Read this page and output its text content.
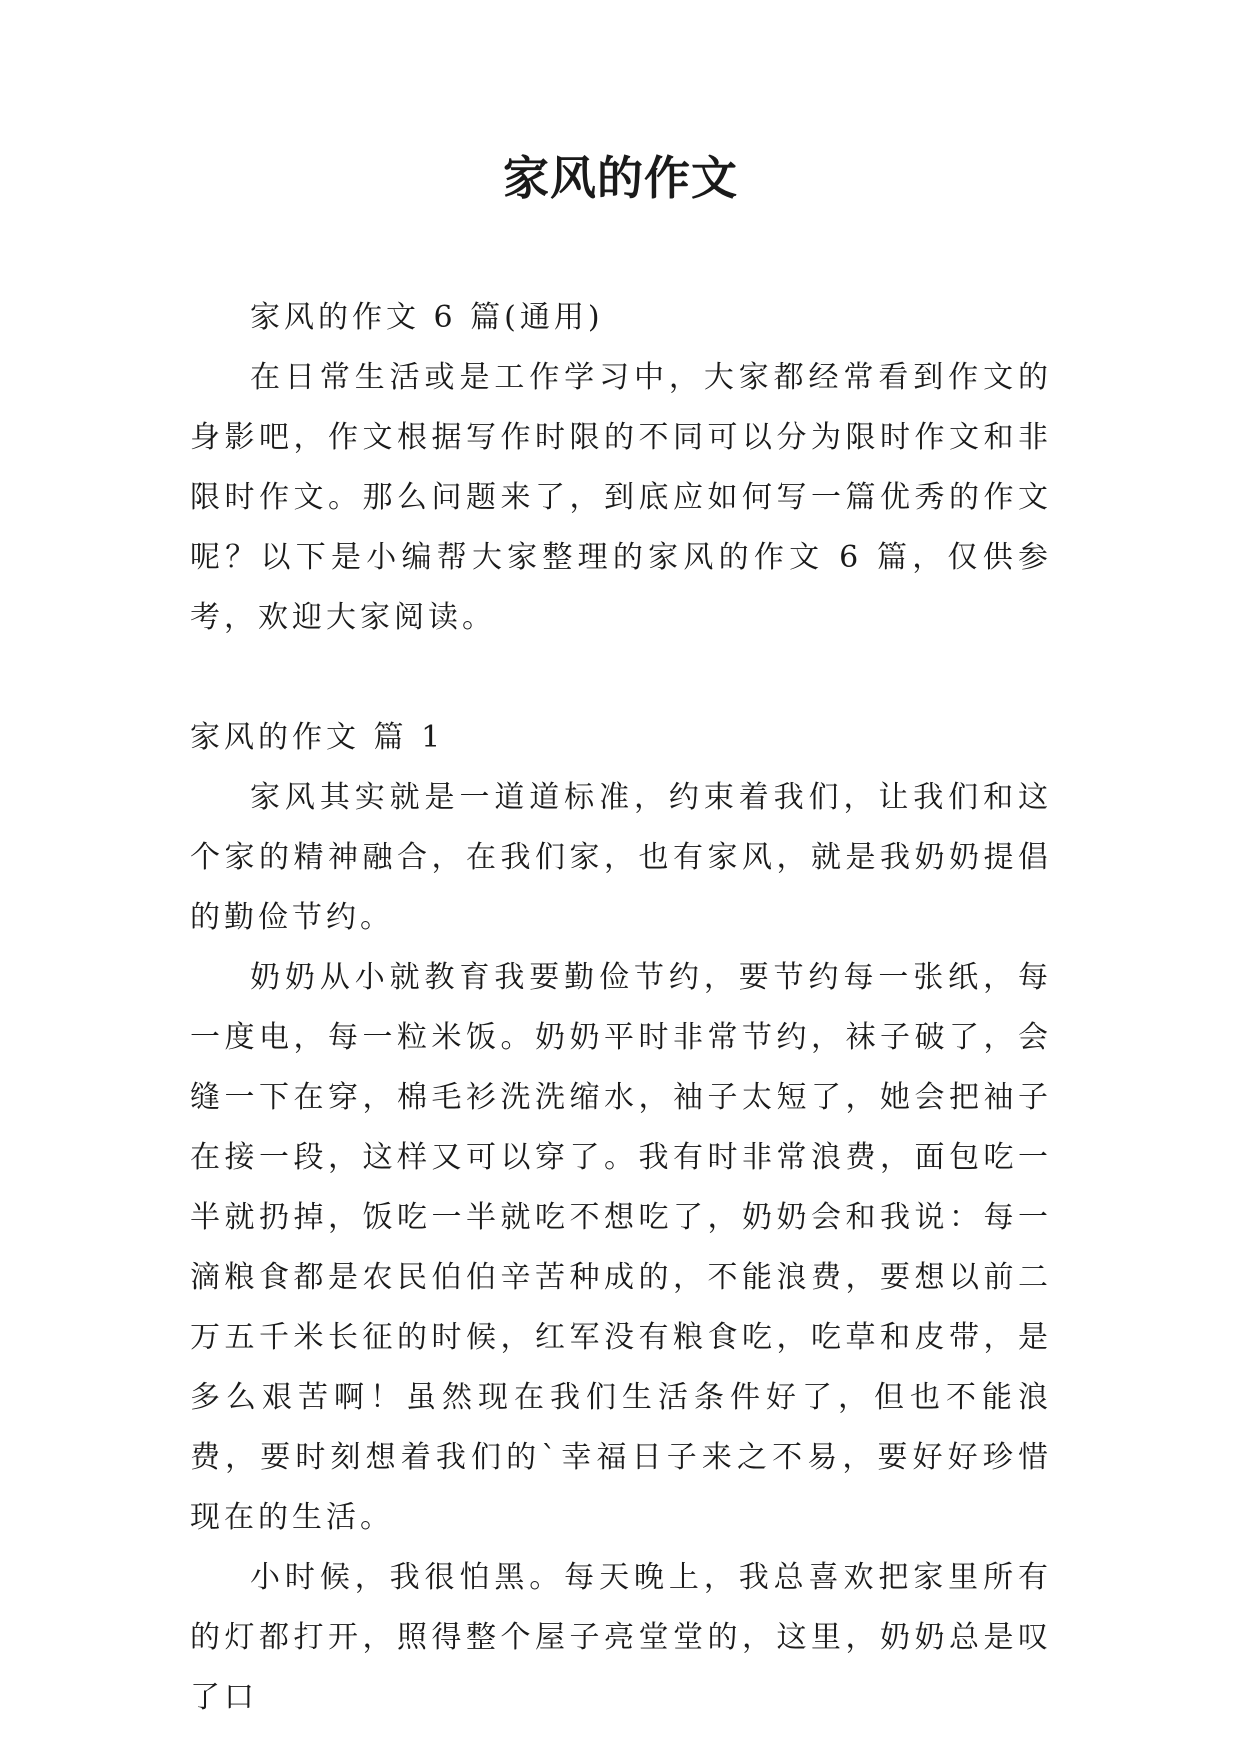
家风的作文

家风的作文 6 篇(通用)

在日常生活或是工作学习中，大家都经常看到作文的身影吧，作文根据写作时限的不同可以分为限时作文和非限时作文。那么问题来了，到底应如何写一篇优秀的作文呢？以下是小编帮大家整理的家风的作文 6 篇，仅供参考，欢迎大家阅读。

家风的作文 篇 1

家风其实就是一道道标准，约束着我们，让我们和这个家的精神融合，在我们家，也有家风，就是我奶奶提倡的勤俭节约。

奶奶从小就教育我要勤俭节约，要节约每一张纸，每一度电，每一粒米饭。奶奶平时非常节约，袜子破了，会缝一下在穿，棉毛衫洗洗缩水，袖子太短了，她会把袖子在接一段，这样又可以穿了。我有时非常浪费，面包吃一半就扔掉，饭吃一半就吃不想吃了，奶奶会和我说：每一滴粮食都是农民伯伯辛苦种成的，不能浪费，要想以前二万五千米长征的时候，红军没有粮食吃，吃草和皮带，是多么艰苦啊！虽然现在我们生活条件好了，但也不能浪费，要时刻想着我们的`幸福日子来之不易，要好好珍惜现在的生活。

小时候，我很怕黑。每天晚上，我总喜欢把家里所有的灯都打开，照得整个屋子亮堂堂的，这里，奶奶总是叹了口
